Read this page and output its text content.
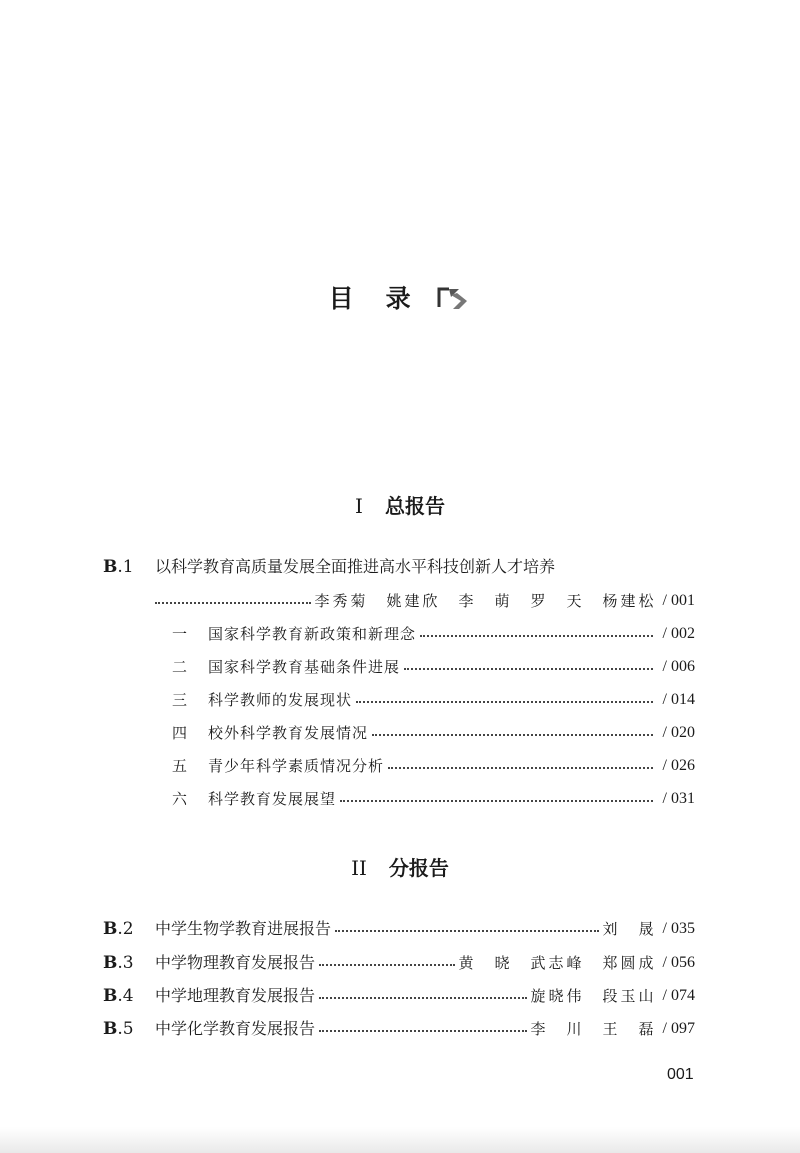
目 录
I 总报告
B.1	以科学教育高质量发展全面推进高水平科技创新人才培养
李秀菊　姚建欣　李　萌　罗　天　杨建松 / 001
一	国家科学教育新政策和新理念	/ 002
二	国家科学教育基础条件进展	/ 006
三	科学教师的发展现状	/ 014
四	校外科学教育发展情况	/ 020
五	青少年科学素质情况分析	/ 026
六	科学教育发展展望	/ 031
II 分报告
B.2	中学生物学教育进展报告	刘　晟 / 035
B.3	中学物理教育发展报告	黄　晓　武志峰　郑圆成 / 056
B.4	中学地理教育发展报告	旋晓伟　段玉山 / 074
B.5	中学化学教育发展报告	李　川　王　磊 / 097
001
